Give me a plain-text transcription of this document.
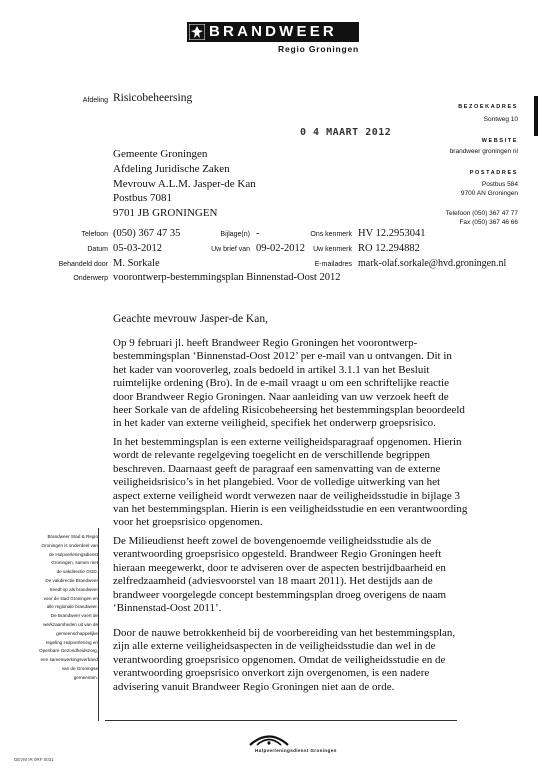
BRANDWEER
Regio Groningen
Afdeling Risicobeheersing
0 4 MAART 2012
Gemeente Groningen
Afdeling Juridische Zaken
Mevrouw A.L.M. Jasper-de Kan
Postbus 7081
9701 JB GRONINGEN
BEZOEKADRES
Sontweg 10
WEBSITE
brandweer groningen nl
POSTADRES
Postbus 584
9700 AN Groningen
Telefoon (050) 367 47 77
Fax (050) 367 46 66
Telefoon (050) 367 47 35	Bijlage(n) -	Ons kenmerk HV 12.2953041
Datum 05-03-2012	Uw brief van 09-02-2012	Uw kenmerk RO 12.294882
Behandeld door M. Sorkale	E-mailadres mark-olaf.sorkale@hvd.groningen.nl
Onderwerp voorontwerp-bestemmingsplan Binnenstad-Oost 2012
Geachte mevrouw Jasper-de Kan,

Op 9 februari jl. heeft Brandweer Regio Groningen het voorontwerp-
bestemmingsplan ‘Binnenstad-Oost 2012’ per e-mail van u ontvangen. Dit in
het kader van vooroverleg, zoals bedoeld in artikel 3.1.1 van het Besluit
ruimtelijke ordening (Bro). In de e-mail vraagt u om een schriftelijke reactie
door Brandweer Regio Groningen. Naar aanleiding van uw verzoek heeft de
heer Sorkale van de afdeling Risicobeheersing het bestemmingsplan beoordeeld
in het kader van externe veiligheid, specifiek het onderwerp groepsrisico.

In het bestemmingsplan is een externe veiligheidsparagraaf opgenomen. Hierin
wordt de relevante regelgeving toegelicht en de verschillende begrippen
beschreven. Daarnaast geeft de paragraaf een samenvatting van de externe
veiligheidsrisico’s in het plangebied. Voor de volledige uitwerking van het
aspect externe veiligheid wordt verwezen naar de veiligheidsstudie in bijlage 3
van het bestemmingsplan. Hierin is een veiligheidsstudie en een verantwoording
voor het groepsrisico opgenomen.

De Milieudienst heeft zowel de bovengenoemde veiligheidsstudie als de
verantwoording groepsrisico opgesteld. Brandweer Regio Groningen heeft
hieraan meegewerkt, door te adviseren over de aspecten bestrijdbaarheid en
zelfredzaamheid (adviesvoorstel van 18 maart 2011). Het destijds aan de
brandweer voorgelegde concept bestemmingsplan droeg overigens de naam
‘Binnenstad-Oost 2011’.

Door de nauwe betrokkenheid bij de voorbereiding van het bestemmingsplan,
zijn alle externe veiligheidsaspecten in de veiligheidsstudie dan wel in de
verantwoording groepsrisico opgenomen. Omdat de veiligheidsstudie en de
verantwoording groepsrisico onverkort zijn overgenomen, is een nadere
advisering vanuit Brandweer Regio Groningen niet aan de orde.

Brandweer Stad & Regio
Groningen is onderdeel van
de Hulpverleningsdienst
Groningen, samen met
de vakdirectie GGD.
De vakdirectie Brandweer
treedt op als brandweer
voor de stad Groningen en
alle regionale brandweer.
De Brandweer voert de
werkzaamheden uit van de
gemeenschappelijke
regeling Hulpverlening en
Openbare Gezondheidszorg,
een samenwerkingsverband
van de Groningse
gemeenten.
Hulpverleningsdienst Groningen
DEVM IR 0RF 0031
